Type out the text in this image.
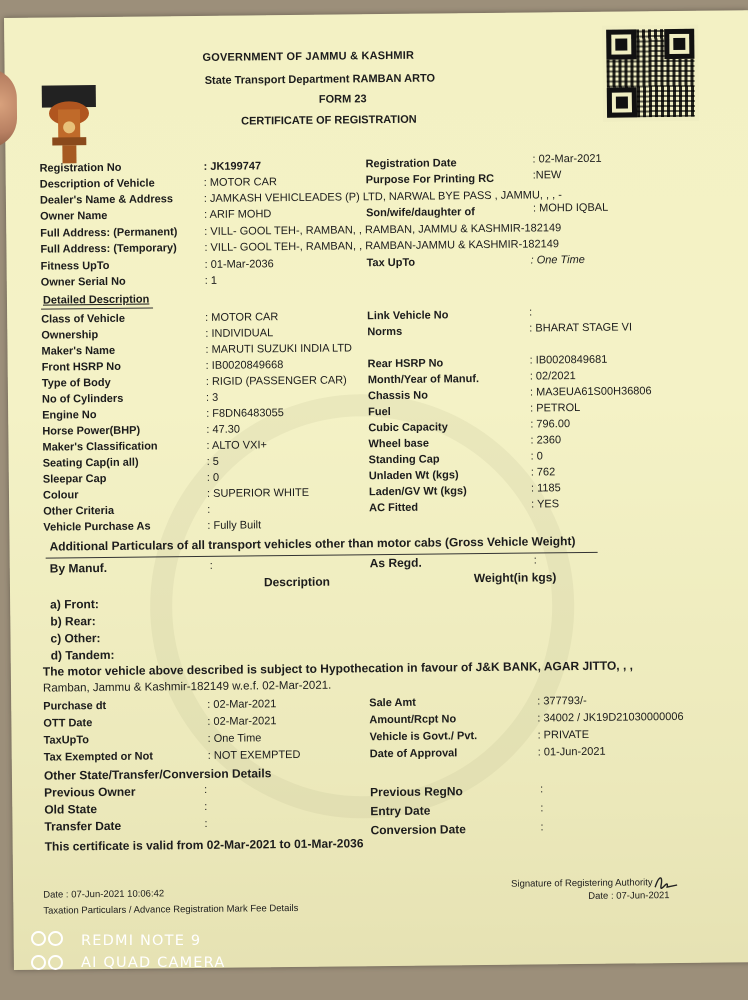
GOVERNMENT OF JAMMU & KASHMIR
State Transport Department RAMBAN ARTO
FORM 23
CERTIFICATE OF REGISTRATION
Registration No	: JK199747
Description of Vehicle	: MOTOR CAR
Dealer's Name & Address	: JAMKASH VEHICLEADES (P) LTD, NARWAL BYE PASS , JAMMU, , , -
Owner Name	: ARIF MOHD
Full Address: (Permanent) : VILL- GOOL TEH-, RAMBAN, , RAMBAN, JAMMU & KASHMIR-182149
Full Address: (Temporary)	: VILL- GOOL TEH-, RAMBAN, , RAMBAN-JAMMU & KASHMIR-182149
Fitness UpTo	: 01-Mar-2036
Owner Serial No	: 1
Registration Date	: 02-Mar-2021
Purpose For Printing RC	:NEW
Son/wife/daughter of	: MOHD IQBAL
Tax UpTo	: One Time
Detailed Description
Class of Vehicle	: MOTOR CAR
Ownership	: INDIVIDUAL
Maker's Name	: MARUTI SUZUKI INDIA LTD
Front HSRP No	: IB0020849668
Type of Body	: RIGID (PASSENGER CAR)
No of Cylinders	: 3
Engine No	: F8DN6483055
Horse Power(BHP)	: 47.30
Maker's Classification	: ALTO VXI+
Seating Cap(in all)	: 5
Sleepar Cap	: 0
Colour	: SUPERIOR WHITE
Other Criteria	:
Vehicle Purchase As	: Fully Built
Link Vehicle No	:
Norms	: BHARAT STAGE VI
Rear HSRP No	: IB0020849681
Month/Year of Manuf.	: 02/2021
Chassis No	: MA3EUA61S00H36806
Fuel	: PETROL
Cubic Capacity	: 796.00
Wheel base	: 2360
Standing Cap	: 0
Unladen Wt (kgs)	: 762
Laden/GV Wt (kgs)	: 1185
AC Fitted	: YES
Additional Particulars of all transport vehicles other than motor cabs (Gross Vehicle Weight)
By Manuf.	:	As Regd.	:
Description	Weight(in kgs)
a) Front:
b) Rear:
c) Other:
d) Tandem:
The motor vehicle above described is subject to Hypothecation in favour of J&K BANK, AGAR JITTO, , ,
Ramban, Jammu & Kashmir-182149 w.e.f. 02-Mar-2021.
Purchase dt	: 02-Mar-2021
OTT Date	: 02-Mar-2021
TaxUpTo	: One Time
Tax Exempted or Not	: NOT EXEMPTED
Sale Amt	: 377793/-
Amount/Rcpt No	: 34002 / JK19D21030000006
Vehicle is Govt./ Pvt.	: PRIVATE
Date of Approval	: 01-Jun-2021
Other State/Transfer/Conversion Details
Previous Owner	:
Old State	:
Transfer Date	:
Previous RegNo	:
Entry Date	:
Conversion Date	:
This certificate is valid from 02-Mar-2021 to 01-Mar-2036
Date : 07-Jun-2021 10:06:42
Taxation Particulars / Advance Registration Mark Fee Details
Signature of Registering Authority
Date : 07-Jun-2021
REDMI NOTE 9
AI QUAD CAMERA
